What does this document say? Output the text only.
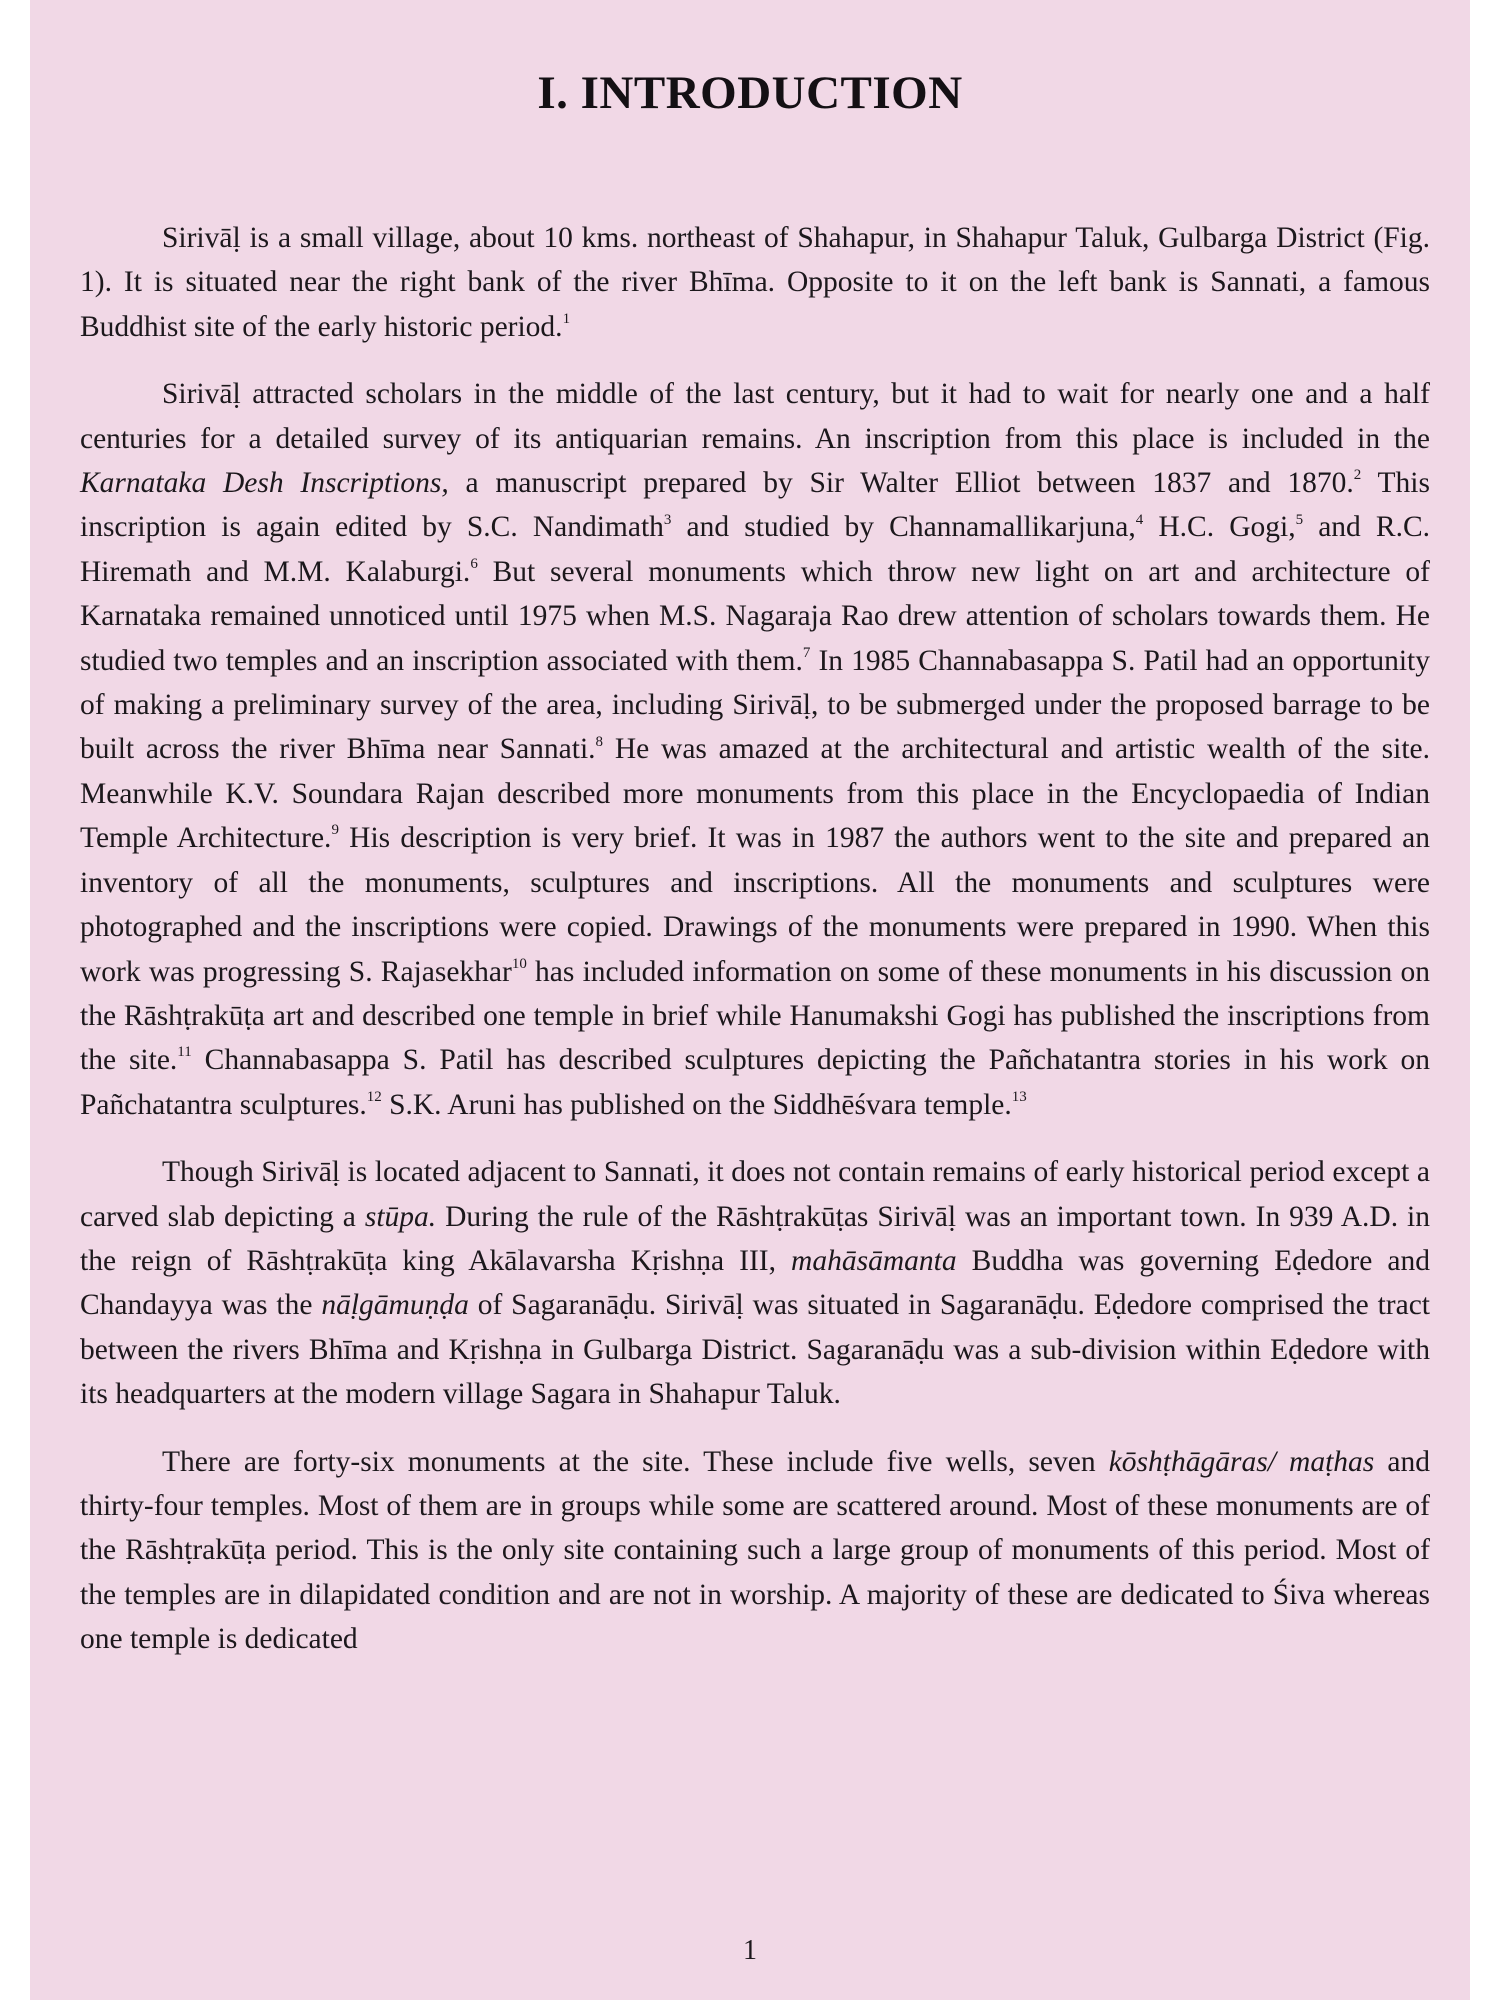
I. INTRODUCTION

Sirivāḷ is a small village, about 10 kms. northeast of Shahapur, in Shahapur Taluk, Gulbarga District (Fig. 1). It is situated near the right bank of the river Bhīma. Opposite to it on the left bank is Sannati, a famous Buddhist site of the early historic period.$^1$

Sirivāḷ attracted scholars in the middle of the last century, but it had to wait for nearly one and a half centuries for a detailed survey of its antiquarian remains. An inscription from this place is included in the Karnataka Desh Inscriptions, a manuscript prepared by Sir Walter Elliot between 1837 and 1870.$^2$ This inscription is again edited by S.C. Nandimath$^3$ and studied by Channamallikarjuna,$^4$ H.C. Gogi,$^5$ and R.C. Hiremath and M.M. Kalaburgi.$^6$ But several monuments which throw new light on art and architecture of Karnataka remained unnoticed until 1975 when M.S. Nagaraja Rao drew attention of scholars towards them. He studied two temples and an inscription associated with them.$^7$ In 1985 Channabasappa S. Patil had an opportunity of making a preliminary survey of the area, including Sirivāḷ, to be submerged under the proposed barrage to be built across the river Bhīma near Sannati.$^8$ He was amazed at the architectural and artistic wealth of the site. Meanwhile K.V. Soundara Rajan described more monuments from this place in the Encyclopaedia of Indian Temple Architecture.$^9$ His description is very brief. It was in 1987 the authors went to the site and prepared an inventory of all the monuments, sculptures and inscriptions. All the monuments and sculptures were photographed and the inscriptions were copied. Drawings of the monuments were prepared in 1990. When this work was progressing S. Rajasekhar$^{10}$ has included information on some of these monuments in his discussion on the Rāshṭrakūṭa art and described one temple in brief while Hanumakshi Gogi has published the inscriptions from the site.$^{11}$ Channabasappa S. Patil has described sculptures depicting the Pañchatantra stories in his work on Pañchatantra sculptures.$^{12}$ S.K. Aruni has published on the Siddhēśvara temple.$^{13}$

Though Sirivāḷ is located adjacent to Sannati, it does not contain remains of early historical period except a carved slab depicting a stūpa. During the rule of the Rāshṭrakūṭas Sirivāḷ was an important town. In 939 A.D. in the reign of Rāshṭrakūṭa king Akālavarsha Kṛishṇa III, mahāsāmanta Buddha was governing Eḍedore and Chandayya was the nāḷgāmuṇḍa of Sagaranāḍu. Sirivāḷ was situated in Sagaranāḍu. Eḍedore comprised the tract between the rivers Bhīma and Kṛishṇa in Gulbarga District. Sagaranāḍu was a sub-division within Eḍedore with its headquarters at the modern village Sagara in Shahapur Taluk.

There are forty-six monuments at the site. These include five wells, seven kōshṭhāgāras/ maṭhas and thirty-four temples. Most of them are in groups while some are scattered around. Most of these monuments are of the Rāshṭrakūṭa period. This is the only site containing such a large group of monuments of this period. Most of the temples are in dilapidated condition and are not in worship. A majority of these are dedicated to Śiva whereas one temple is dedicated

1
